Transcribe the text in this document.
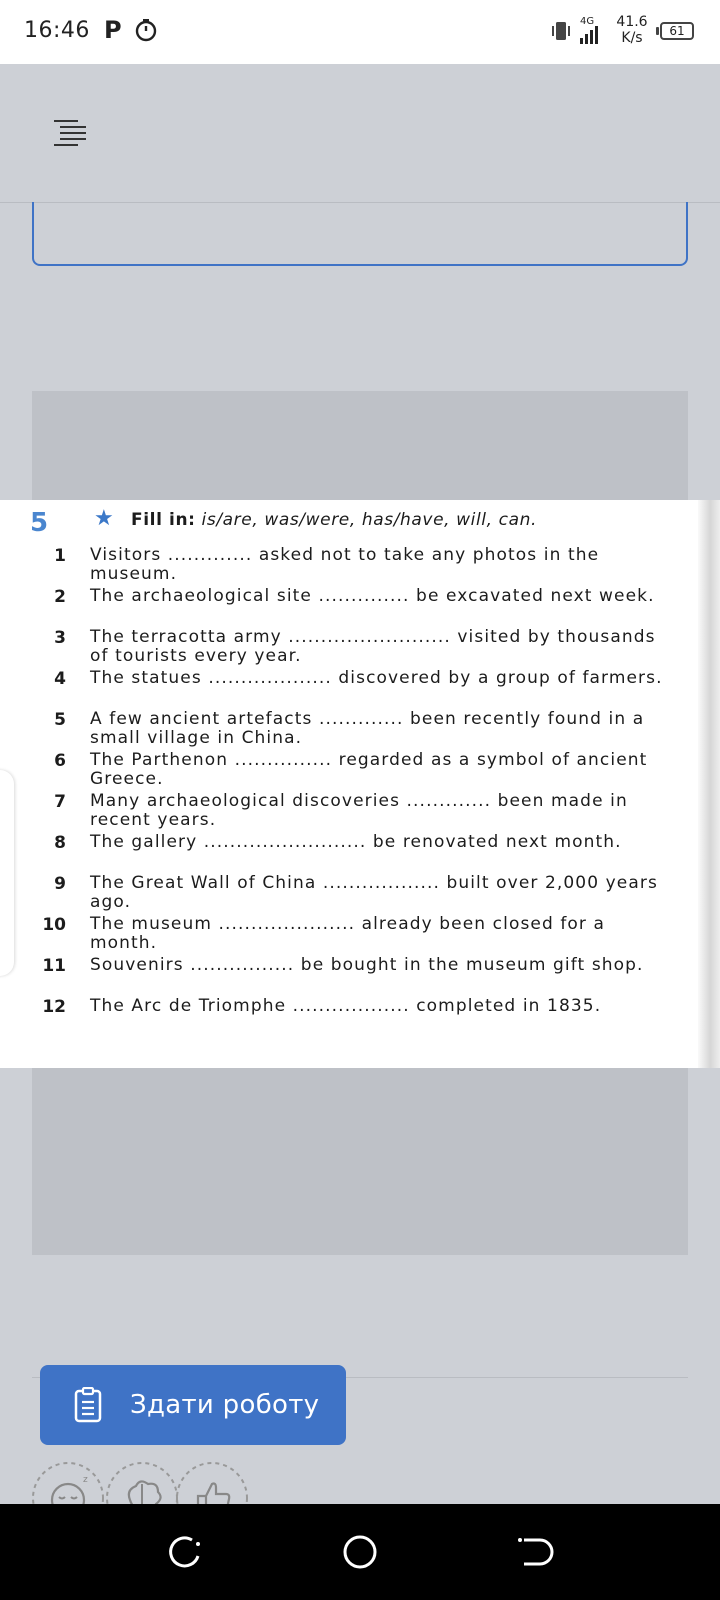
16:46 P	4G	41.6
K/s	61
5 ★ Fill in: is/are, was/were, has/have, will, can.
1 Visitors ............. asked not to take any photos in the museum.
2 The archaeological site .............. be excavated next week.
3 The terracotta army ......................... visited by thousands of tourists every year.
4 The statues ................... discovered by a group of farmers.
5 A few ancient artefacts ............. been recently found in a small village in China.
6 The Parthenon ............... regarded as a symbol of ancient Greece.
7 Many archaeological discoveries ............. been made in recent years.
8 The gallery ......................... be renovated next month.
9 The Great Wall of China .................. built over 2,000 years ago.
10 The museum ..................... already been closed for a month.
11 Souvenirs ................ be bought in the museum gift shop.
12 The Arc de Triomphe .................. completed in 1835.
Здати роботу
z
